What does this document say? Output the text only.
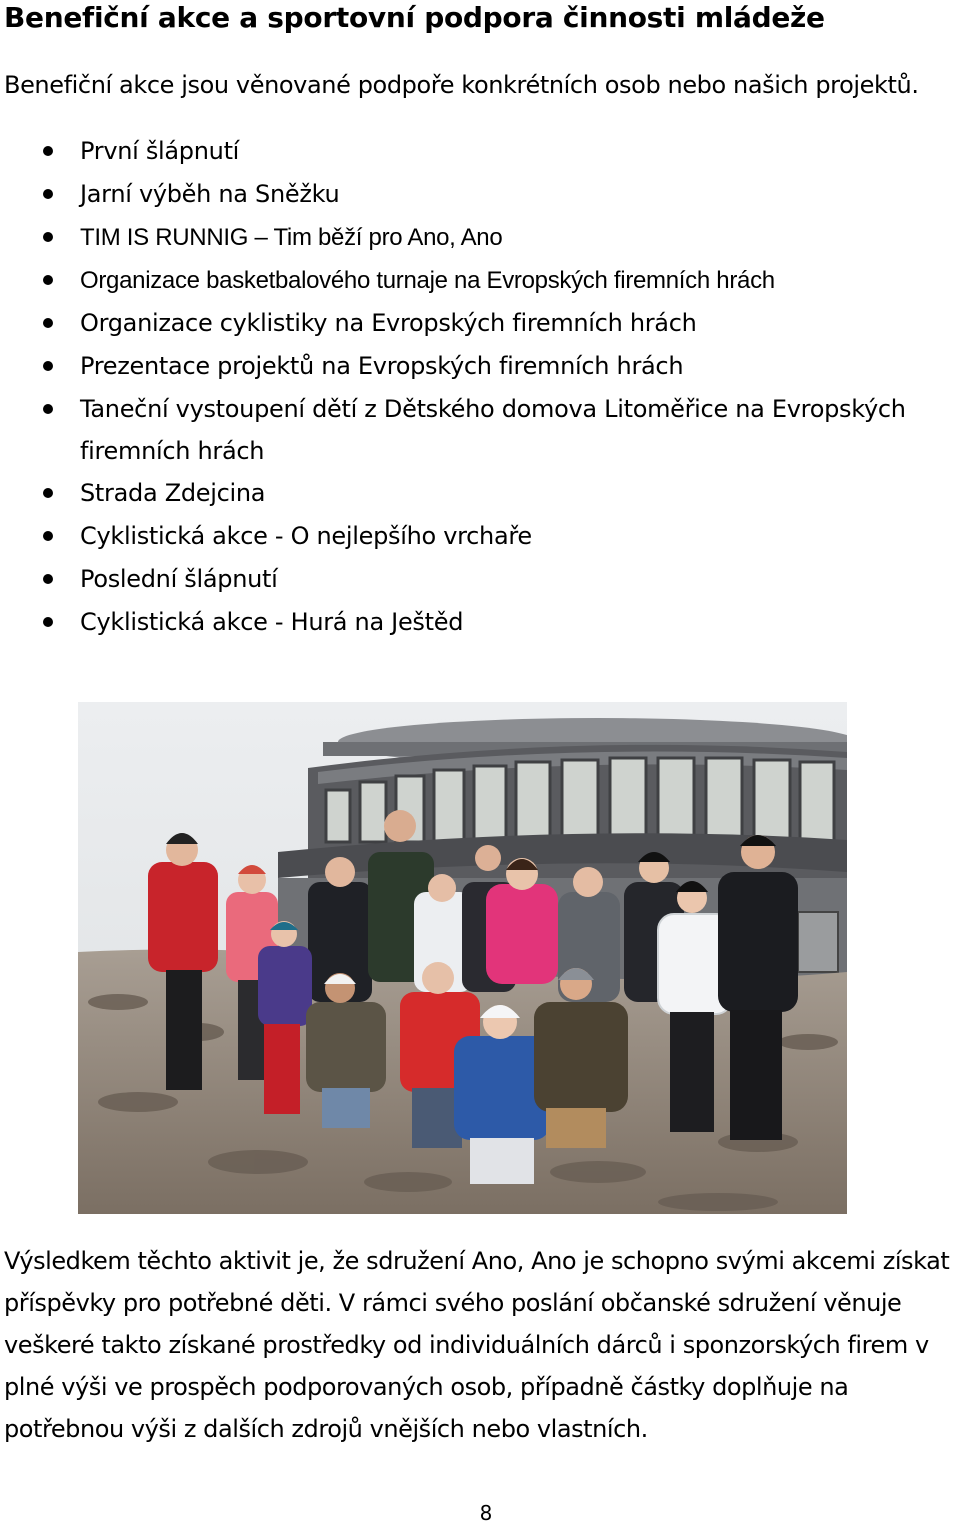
Benefiční akce a sportovní podpora činnosti mládeže

Benefiční akce jsou věnované podpoře konkrétních osob nebo našich projektů.

První šlápnutí
Jarní výběh na Sněžku
TIM IS RUNNIG – Tim běží pro Ano, Ano
Organizace basketbalového turnaje na Evropských firemních hrách
Organizace cyklistiky na Evropských firemních hrách
Prezentace projektů na Evropských firemních hrách
Taneční vystoupení dětí z Dětského domova Litoměřice na Evropských firemních hrách
Strada Zdejcina
Cyklistická akce - O nejlepšího vrchaře
Poslední šlápnutí
Cyklistická akce - Hurá na Ještěd

Výsledkem těchto aktivit je, že sdružení Ano, Ano je schopno svými akcemi získat příspěvky pro potřebné děti. V rámci svého poslání občanské sdružení věnuje veškeré takto získané prostředky od individuálních dárců i sponzorských firem v plné výši ve prospěch podporovaných osob, případně částky doplňuje na potřebnou výši z dalších zdrojů vnějších nebo vlastních.

8
